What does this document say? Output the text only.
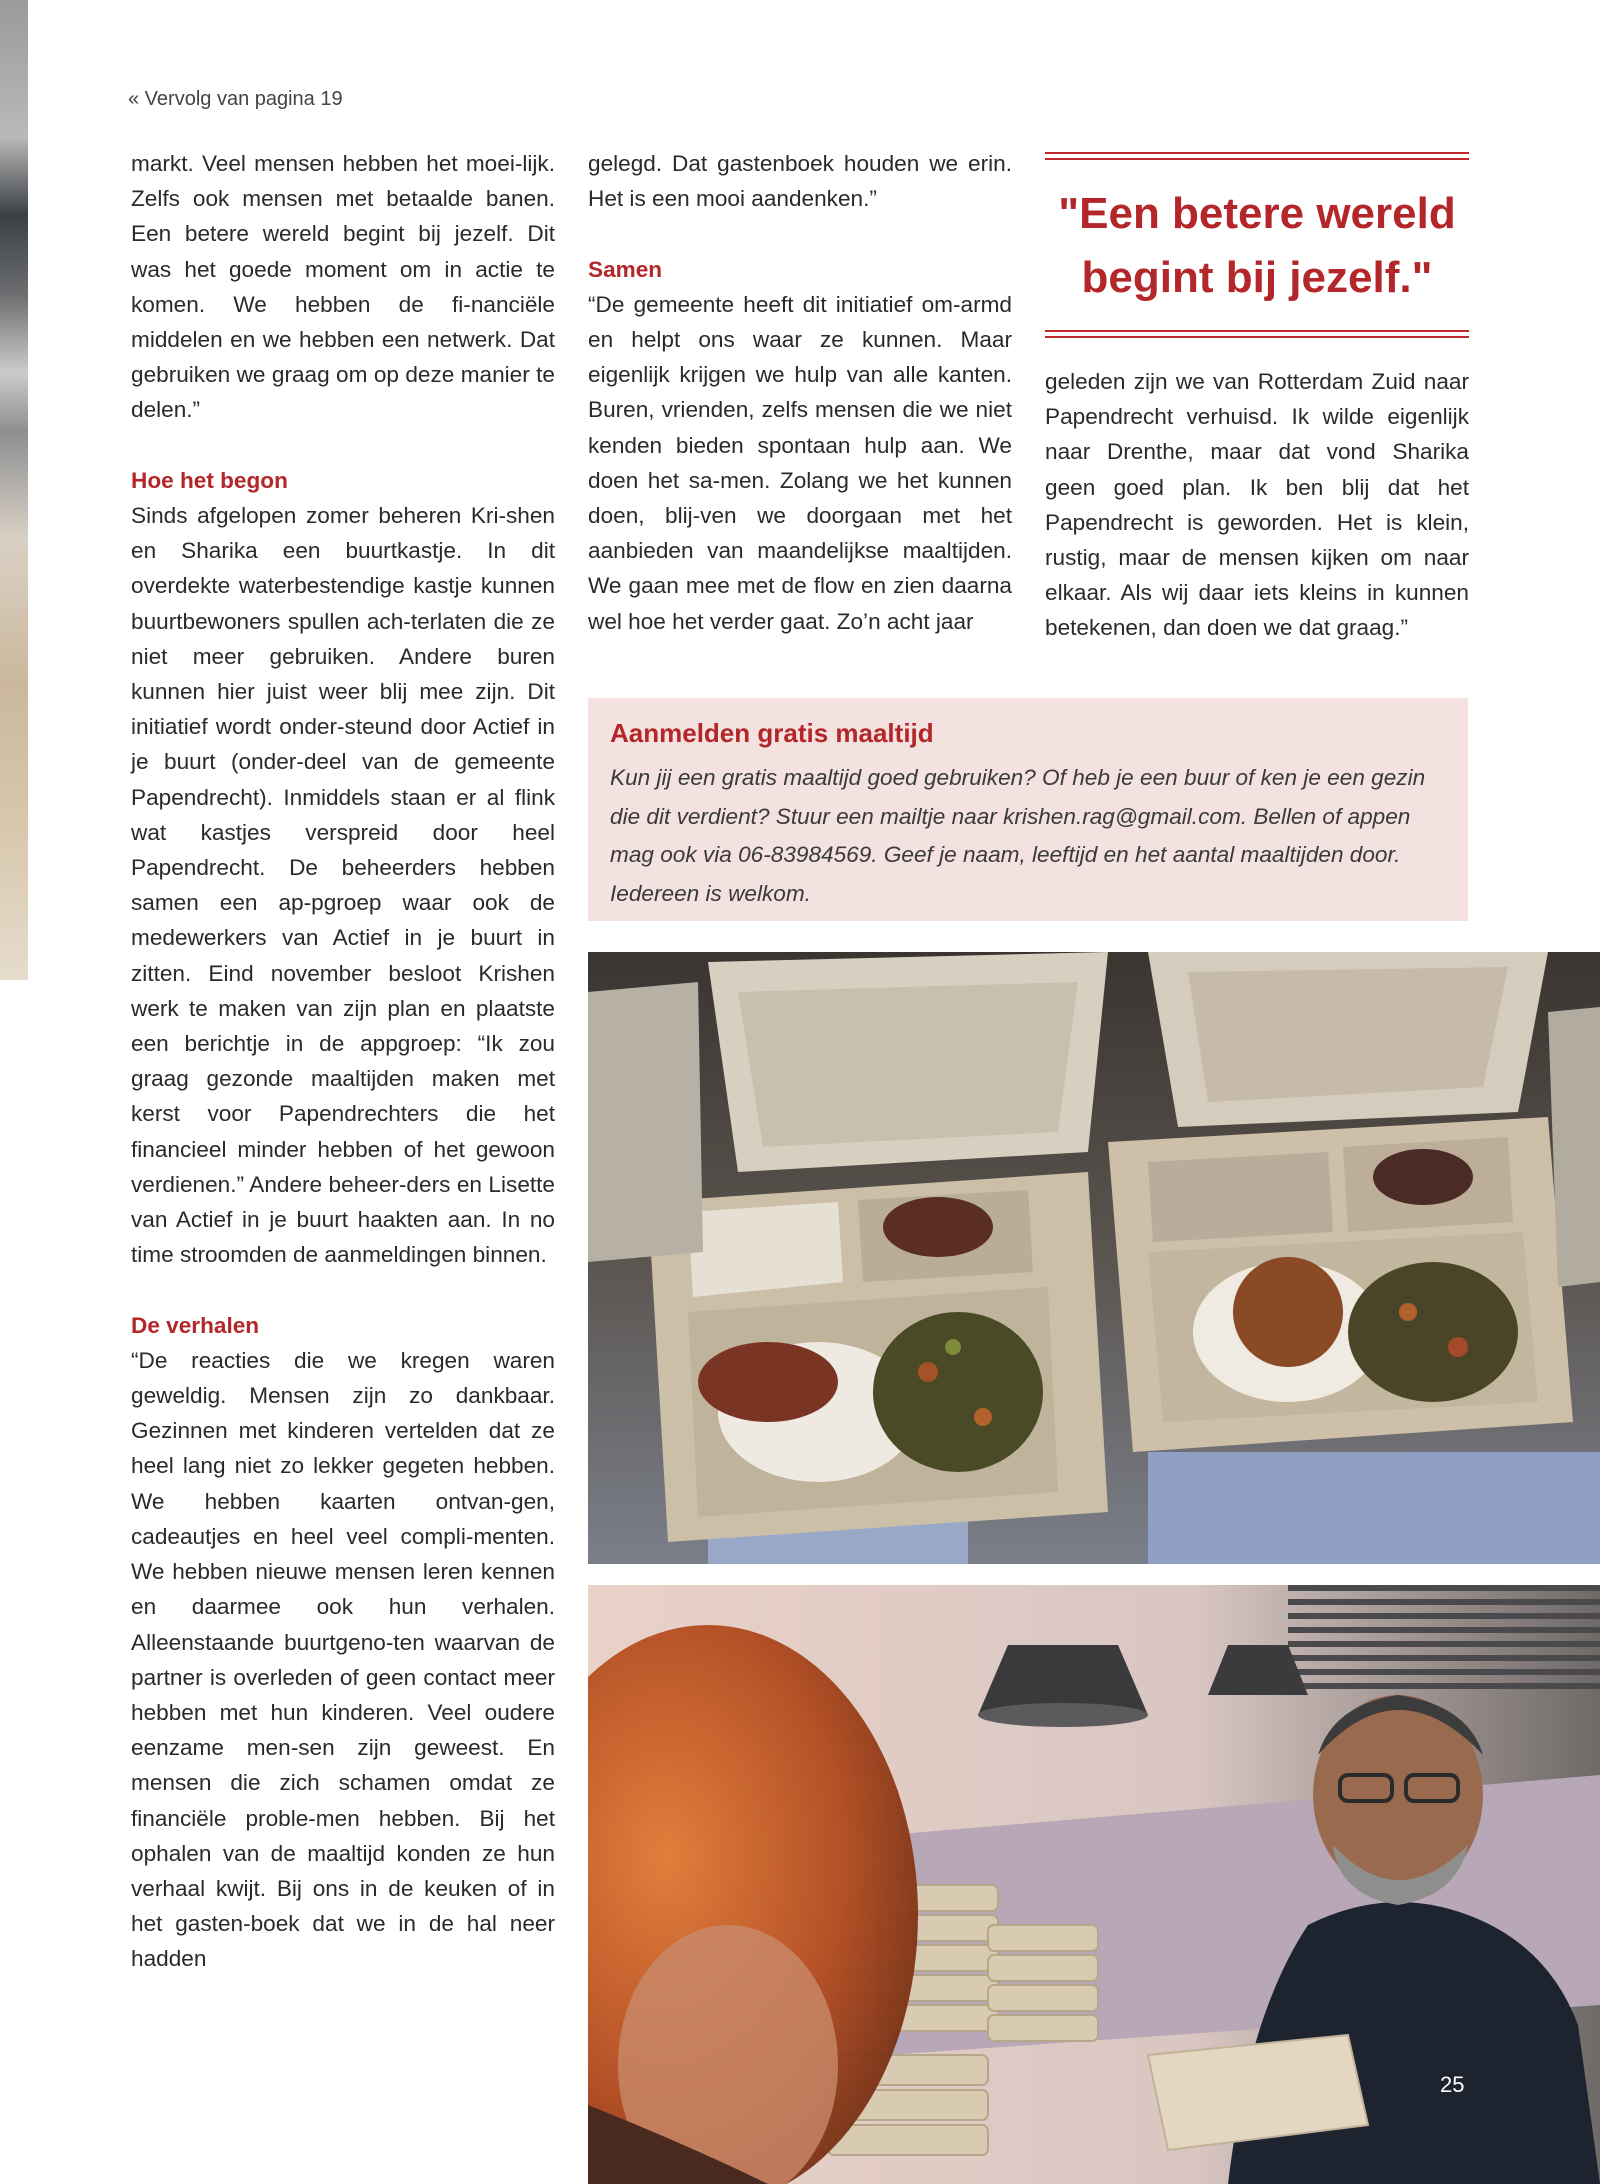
« Vervolg van pagina 19

markt. Veel mensen hebben het moei-lijk. Zelfs ook mensen met betaalde banen. Een betere wereld begint bij jezelf. Dit was het goede moment om in actie te komen. We hebben de fi-nanciële middelen en we hebben een netwerk. Dat gebruiken we graag om op deze manier te delen.”

Hoe het begon

Sinds afgelopen zomer beheren Kri-shen en Sharika een buurtkastje. In dit overdekte waterbestendige kastje kunnen buurtbewoners spullen ach-terlaten die ze niet meer gebruiken. Andere buren kunnen hier juist weer blij mee zijn. Dit initiatief wordt onder-steund door Actief in je buurt (onder-deel van de gemeente Papendrecht). Inmiddels staan er al flink wat kastjes verspreid door heel Papendrecht. De beheerders hebben samen een ap-pgroep waar ook de medewerkers van Actief in je buurt in zitten. Eind november besloot Krishen werk te maken van zijn plan en plaatste een berichtje in de appgroep: “Ik zou graag gezonde maaltijden maken met kerst voor Papendrechters die het financieel minder hebben of het gewoon verdienen.” Andere beheer-ders en Lisette van Actief in je buurt haakten aan. In no time stroomden de aanmeldingen binnen.

De verhalen

“De reacties die we kregen waren geweldig. Mensen zijn zo dankbaar. Gezinnen met kinderen vertelden dat ze heel lang niet zo lekker gegeten hebben. We hebben kaarten ontvan-gen, cadeautjes en heel veel compli-menten. We hebben nieuwe mensen leren kennen en daarmee ook hun verhalen. Alleenstaande buurtgeno-ten waarvan de partner is overleden of geen contact meer hebben met hun kinderen. Veel oudere eenzame men-sen zijn geweest. En mensen die zich schamen omdat ze financiële proble-men hebben. Bij het ophalen van de maaltijd konden ze hun verhaal kwijt. Bij ons in de keuken of in het gasten-boek dat we in de hal neer hadden

gelegd. Dat gastenboek houden we erin. Het is een mooi aandenken.”

Samen

“De gemeente heeft dit initiatief om-armd en helpt ons waar ze kunnen. Maar eigenlijk krijgen we hulp van alle kanten. Buren, vrienden, zelfs mensen die we niet kenden bieden spontaan hulp aan. We doen het sa-men. Zolang we het kunnen doen, blij-ven we doorgaan met het aanbieden van maandelijkse maaltijden. We gaan mee met de flow en zien daarna wel hoe het verder gaat. Zo’n acht jaar

"Een betere wereld begint bij jezelf."

geleden zijn we van Rotterdam Zuid naar Papendrecht verhuisd. Ik wilde eigenlijk naar Drenthe, maar dat vond Sharika geen goed plan. Ik ben blij dat het Papendrecht is geworden. Het is klein, rustig, maar de mensen kijken om naar elkaar. Als wij daar iets kleins in kunnen betekenen, dan doen we dat graag.”

Aanmelden gratis maaltijd

Kun jij een gratis maaltijd goed gebruiken? Of heb je een buur of ken je een gezin die dit verdient? Stuur een mailtje naar krishen.rag@gmail.com. Bellen of appen mag ook via 06-83984569. Geef je naam, leeftijd en het aantal maaltijden door. Iedereen is welkom.

25
